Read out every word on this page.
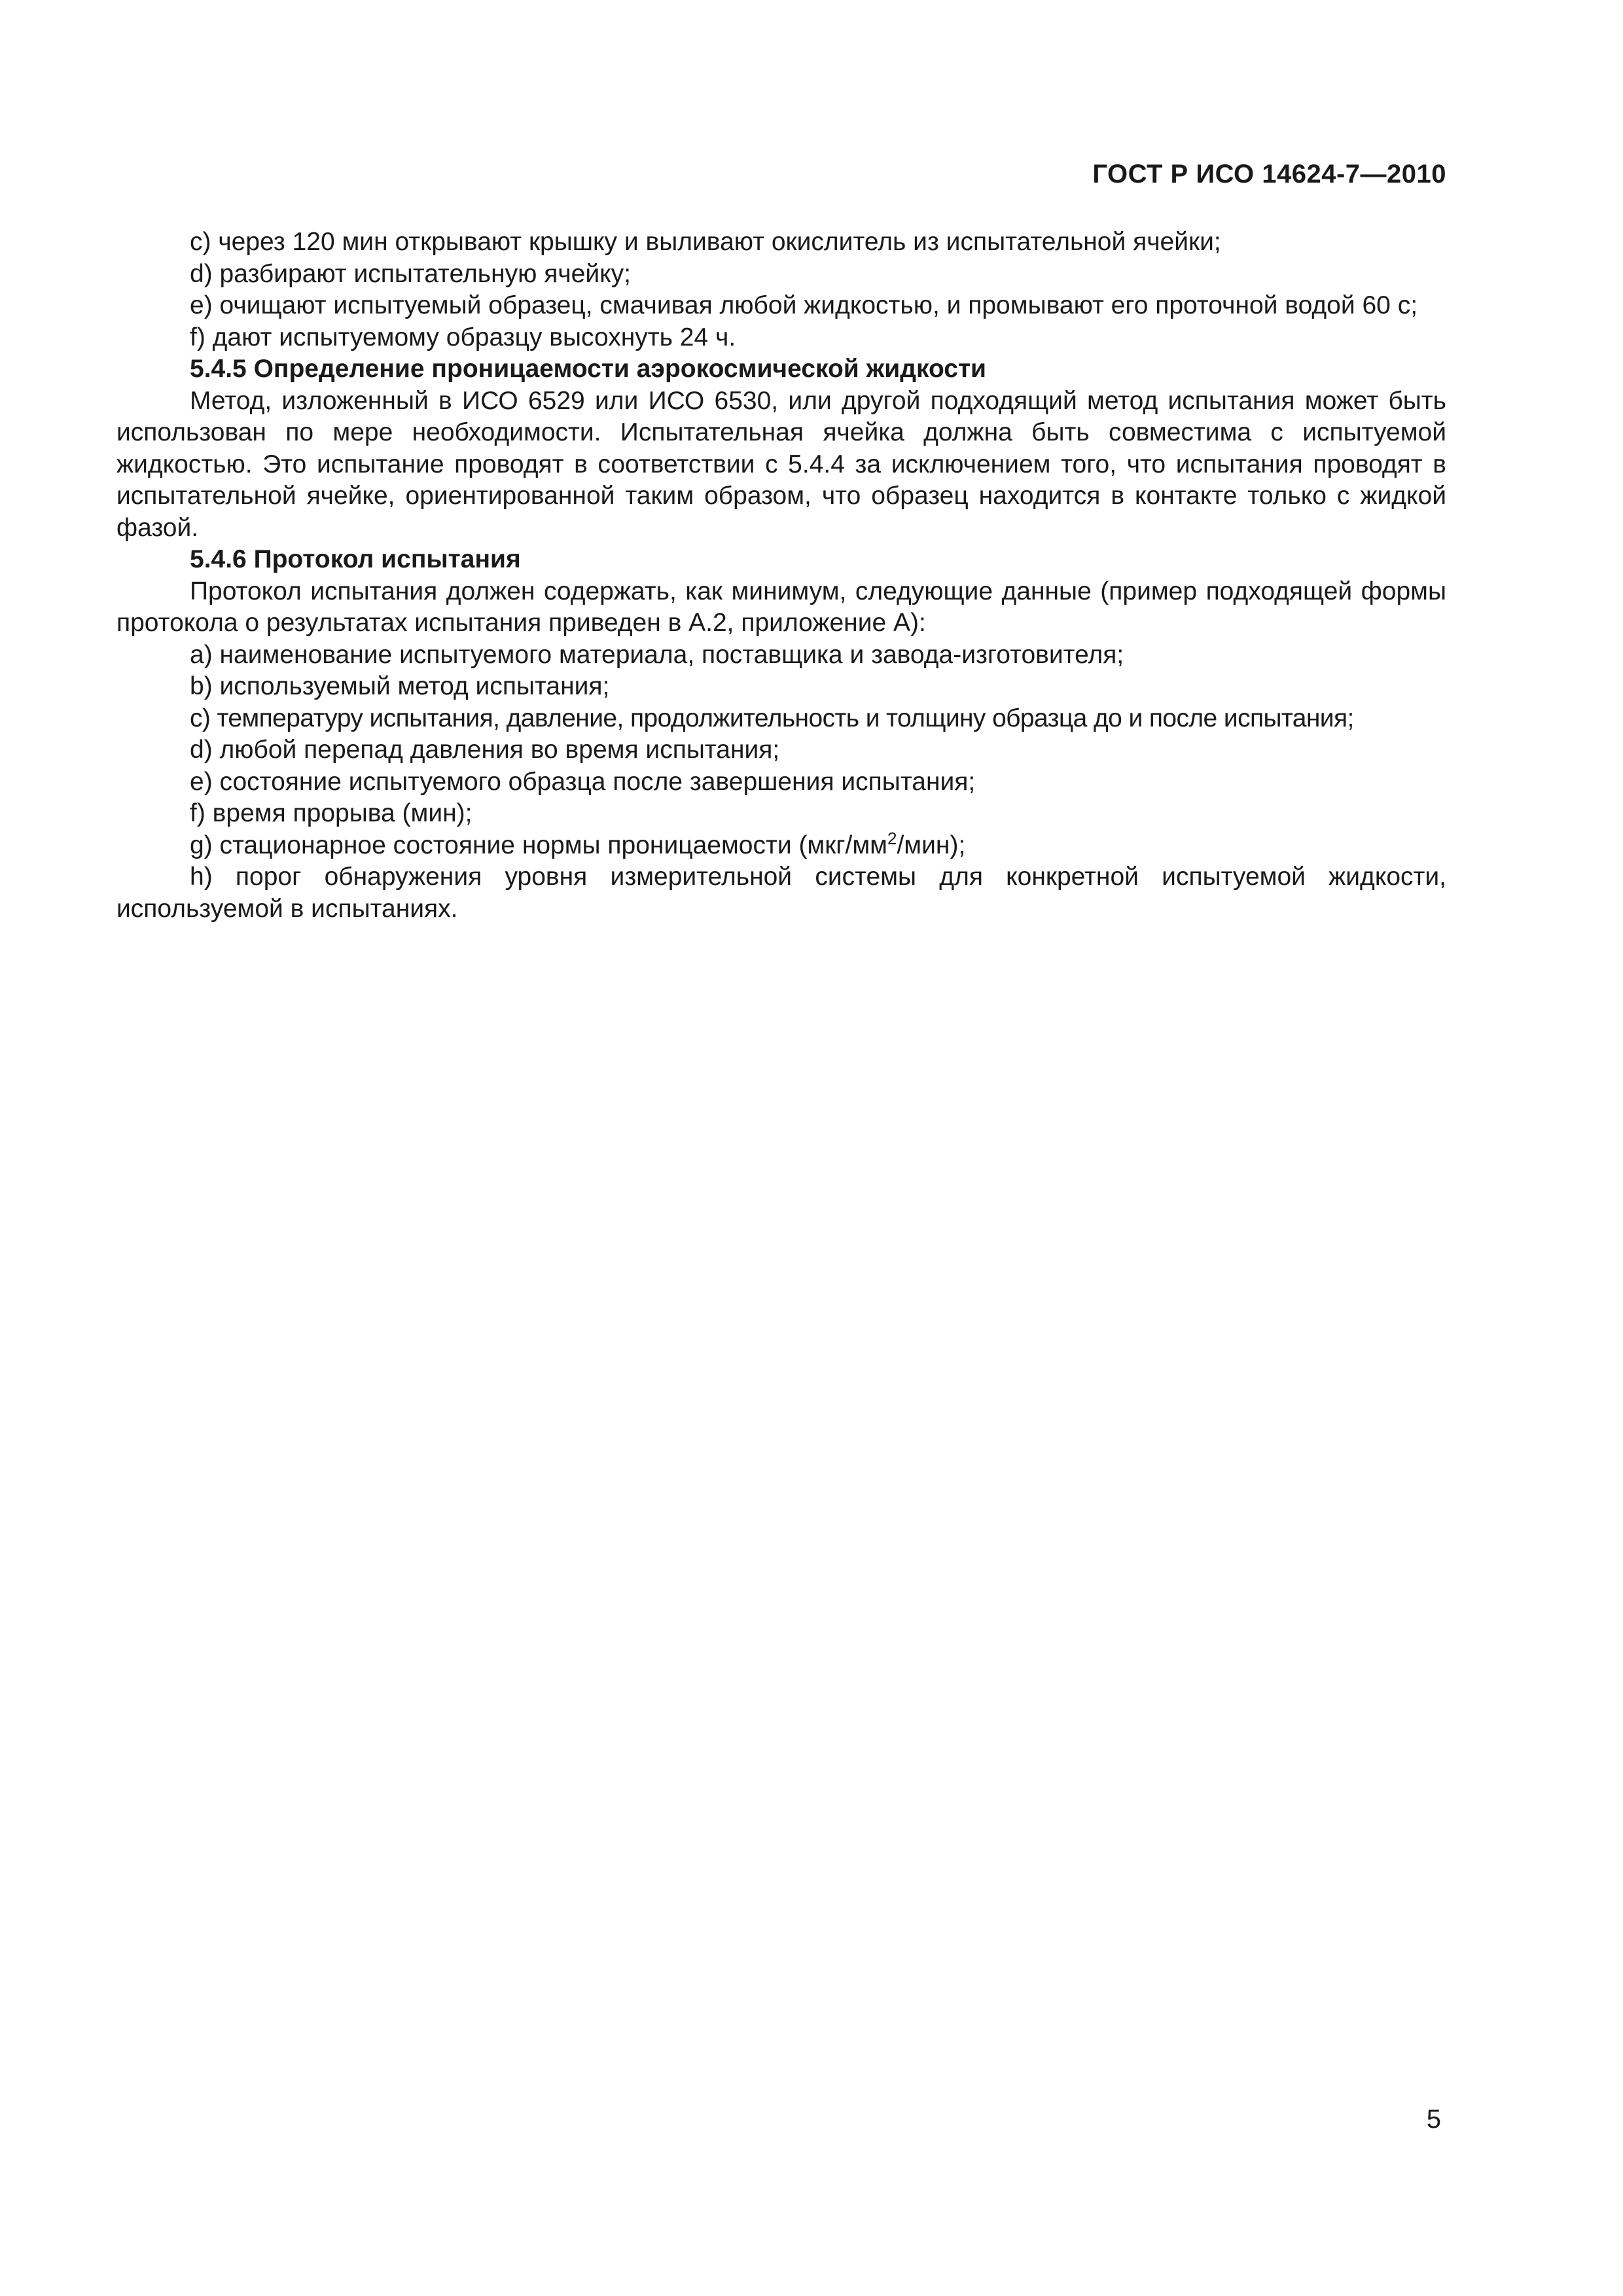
ГОСТ Р ИСО 14624-7—2010

c) через 120 мин открывают крышку и выливают окислитель из испытательной ячейки;

d) разбирают испытательную ячейку;

e) очищают испытуемый образец, смачивая любой жидкостью, и промывают его проточной водой 60 с;

f) дают испытуемому образцу высохнуть 24 ч.

5.4.5 Определение проницаемости аэрокосмической жидкости

Метод, изложенный в ИСО 6529 или ИСО 6530, или другой подходящий метод испытания может быть использован по мере необходимости. Испытательная ячейка должна быть совместима с испытуемой жидкостью. Это испытание проводят в соответствии с 5.4.4 за исключением того, что испытания проводят в испытательной ячейке, ориентированной таким образом, что образец находится в контакте только с жидкой фазой.

5.4.6 Протокол испытания

Протокол испытания должен содержать, как минимум, следующие данные (пример подходящей формы протокола о результатах испытания приведен в А.2, приложение А):

a) наименование испытуемого материала, поставщика и завода-изготовителя;

b) используемый метод испытания;

c) температуру испытания, давление, продолжительность и толщину образца до и после испытания;

d) любой перепад давления во время испытания;

e) состояние испытуемого образца после завершения испытания;

f) время прорыва (мин);

g) стационарное состояние нормы проницаемости $(мкг/мм^2/мин)$;

h) порог обнаружения уровня измерительной системы для конкретной испытуемой жидкости, используемой в испытаниях.

5
